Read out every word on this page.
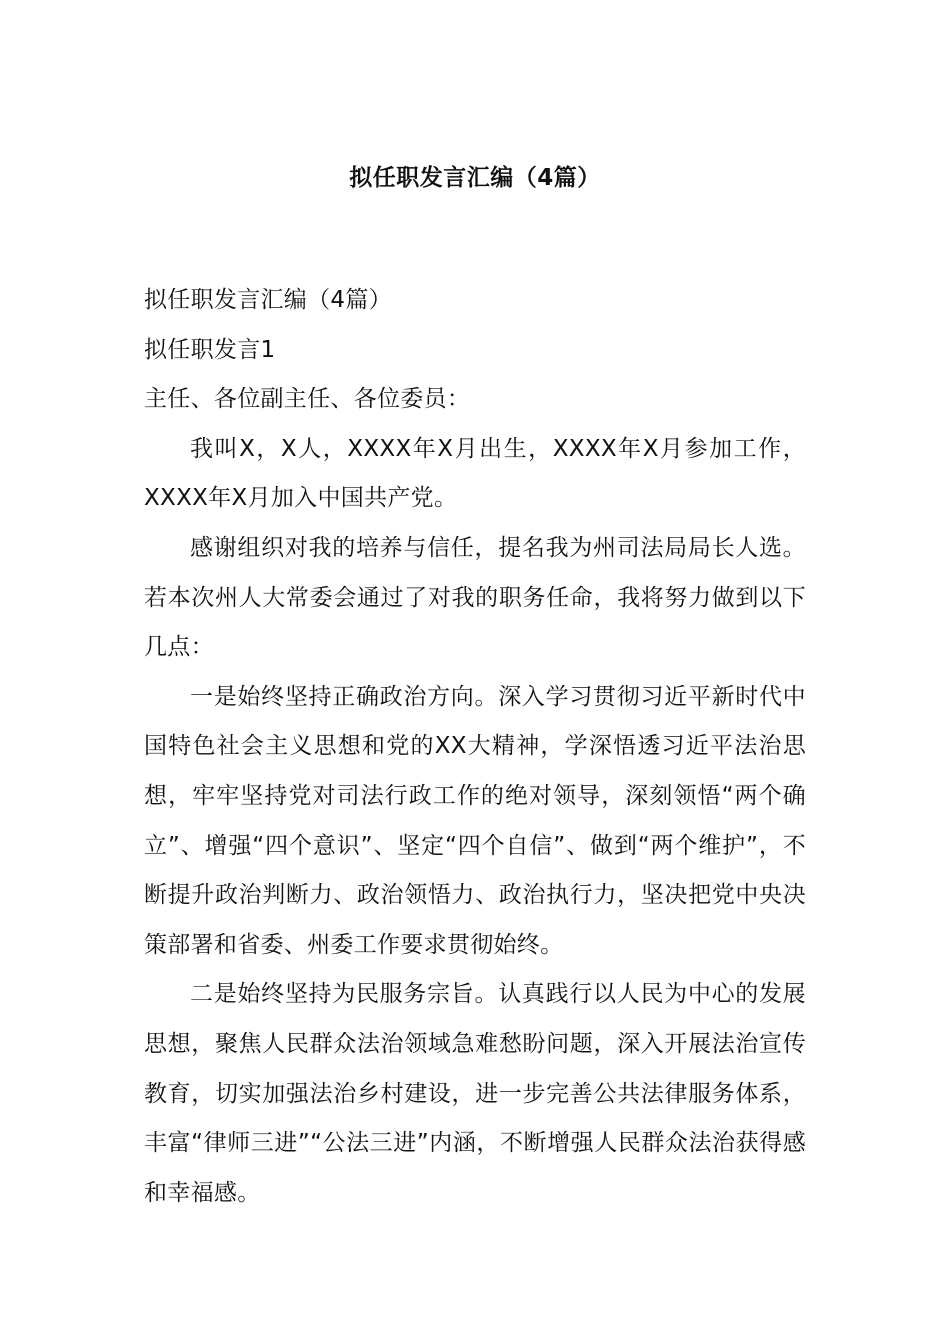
拟任职发言汇编（4篇）

拟任职发言汇编（4篇）

拟任职发言1

主任、各位副主任、各位委员：

我叫X，X人，XXXX年X月出生，XXXX年X月参加工作，XXXX年X月加入中国共产党。

感谢组织对我的培养与信任，提名我为州司法局局长人选。若本次州人大常委会通过了对我的职务任命，我将努力做到以下几点：

一是始终坚持正确政治方向。深入学习贯彻习近平新时代中国特色社会主义思想和党的XX大精神，学深悟透习近平法治思想，牢牢坚持党对司法行政工作的绝对领导，深刻领悟“两个确立”、增强“四个意识”、坚定“四个自信”、做到“两个维护”，不断提升政治判断力、政治领悟力、政治执行力，坚决把党中央决策部署和省委、州委工作要求贯彻始终。

二是始终坚持为民服务宗旨。认真践行以人民为中心的发展思想，聚焦人民群众法治领域急难愁盼问题，深入开展法治宣传教育，切实加强法治乡村建设，进一步完善公共法律服务体系，丰富“律师三进”“公法三进”内涵，不断增强人民群众法治获得感和幸福感。
